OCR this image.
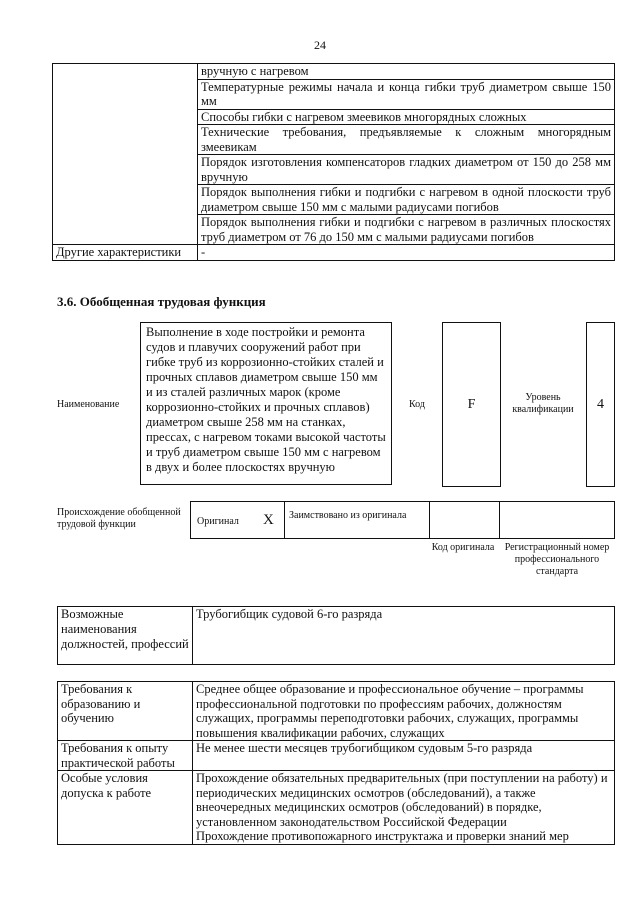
24
	вручную с нагревом
	Температурные режимы начала и конца гибки труб диаметром свыше 150 мм
	Способы гибки с нагревом змеевиков многорядных сложных
	Технические требования, предъявляемые к сложным многорядным змеевикам
	Порядок изготовления компенсаторов гладких диаметром от 150 до 258 мм вручную
	Порядок выполнения гибки и подгибки с нагревом в одной плоскости труб диаметром свыше 150 мм с малыми радиусами погибов
	Порядок выполнения гибки и подгибки с нагревом в различных плоскостях труб диаметром от 76 до 150 мм с малыми радиусами погибов
Другие характеристики	-
3.6. Обобщенная трудовая функция
Наименование
Выполнение в ходе постройки и ремонта судов и плавучих сооружений работ при гибке труб из коррозионно-стойких сталей и прочных сплавов диаметром свыше 150 мм и из сталей различных марок (кроме коррозионно-стойких и прочных сплавов) диаметром свыше 258 мм на станках, прессах, с нагревом токами высокой частоты и труб диаметром свыше 150 мм с нагревом в двух и более плоскостях вручную
Код	F	Уровень квалификации	4
Происхождение обобщенной трудовой функции	Оригинал X Заимствовано из оригинала
Код оригинала	Регистрационный номер профессионального стандарта
Возможные наименования должностей, профессий	Трубогибщик судовой 6-го разряда
Требования к образованию и обучению	Среднее общее образование и профессиональное обучение – программы профессиональной подготовки по профессиям рабочих, должностям служащих, программы переподготовки рабочих, служащих, программы повышения квалификации рабочих, служащих
Требования к опыту практической работы	Не менее шести месяцев трубогибщиком судовым 5-го разряда
Особые условия допуска к работе	Прохождение обязательных предварительных (при поступлении на работу) и периодических медицинских осмотров (обследований), а также внеочередных медицинских осмотров (обследований) в порядке, установленном законодательством Российской Федерации
Прохождение противопожарного инструктажа и проверки знаний мер
